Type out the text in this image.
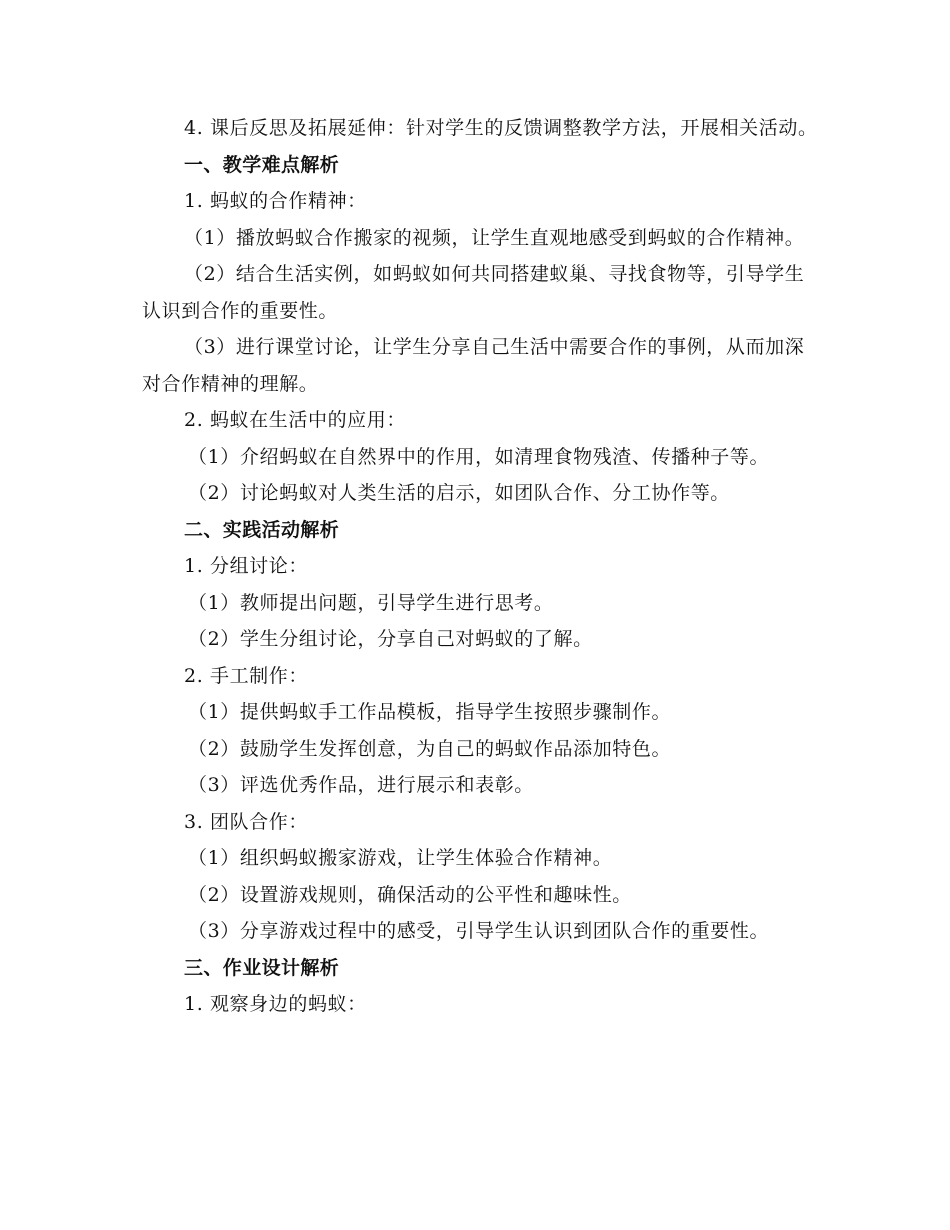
4. 课后反思及拓展延伸：针对学生的反馈调整教学方法，开展相关活动。
一、教学难点解析
1. 蚂蚁的合作精神：
（1）播放蚂蚁合作搬家的视频，让学生直观地感受到蚂蚁的合作精神。
（2）结合生活实例，如蚂蚁如何共同搭建蚁巢、寻找食物等，引导学生认识到合作的重要性。
（3）进行课堂讨论，让学生分享自己生活中需要合作的事例，从而加深对合作精神的理解。
2. 蚂蚁在生活中的应用：
（1）介绍蚂蚁在自然界中的作用，如清理食物残渣、传播种子等。
（2）讨论蚂蚁对人类生活的启示，如团队合作、分工协作等。
二、实践活动解析
1. 分组讨论：
（1）教师提出问题，引导学生进行思考。
（2）学生分组讨论，分享自己对蚂蚁的了解。
2. 手工制作：
（1）提供蚂蚁手工作品模板，指导学生按照步骤制作。
（2）鼓励学生发挥创意，为自己的蚂蚁作品添加特色。
（3）评选优秀作品，进行展示和表彰。
3. 团队合作：
（1）组织蚂蚁搬家游戏，让学生体验合作精神。
（2）设置游戏规则，确保活动的公平性和趣味性。
（3）分享游戏过程中的感受，引导学生认识到团队合作的重要性。
三、作业设计解析
1. 观察身边的蚂蚁：
